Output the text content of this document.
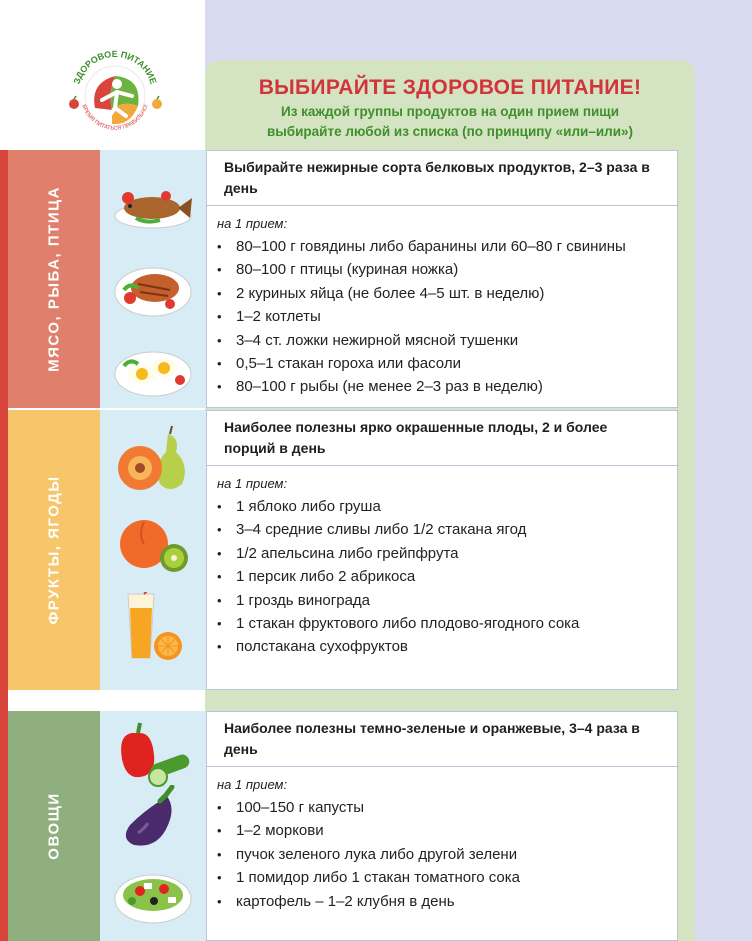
ЗДОРОВОЕ ПИТАНИЕ
ВРЕМЯ ПИТАТЬСЯ ПРАВИЛЬНО!
ВЫБИРАЙТЕ ЗДОРОВОЕ ПИТАНИЕ!
Из каждой группы продуктов на один прием пищи
выбирайте любой из списка (по принципу «или–или»)
МЯСО, РЫБА, ПТИЦА
Выбирайте нежирные сорта белковых продуктов, 2–3 раза в день
на 1 прием:
• 80–100 г говядины либо баранины или 60–80 г свинины
• 80–100 г птицы (куриная ножка)
• 2 куриных яйца (не более 4–5 шт. в неделю)
• 1–2 котлеты
• 3–4 ст. ложки нежирной мясной тушенки
• 0,5–1 стакан гороха или фасоли
• 80–100 г рыбы (не менее 2–3 раз в неделю)
ФРУКТЫ, ЯГОДЫ
Наиболее полезны ярко окрашенные плоды, 2 и более порций в день
на 1 прием:
• 1 яблоко либо груша
• 3–4 средние сливы либо 1/2 стакана ягод
• 1/2 апельсина либо грейпфрута
• 1 персик либо 2 абрикоса
• 1 гроздь винограда
• 1 стакан фруктового либо плодово-ягодного сока
• полстакана сухофруктов
ОВОЩИ
Наиболее полезны темно-зеленые и оранжевые, 3–4 раза в день
на 1 прием:
• 100–150 г капусты
• 1–2 моркови
• пучок зеленого лука либо другой зелени
• 1 помидор либо 1 стакан томатного сока
• картофель – 1–2 клубня в день
